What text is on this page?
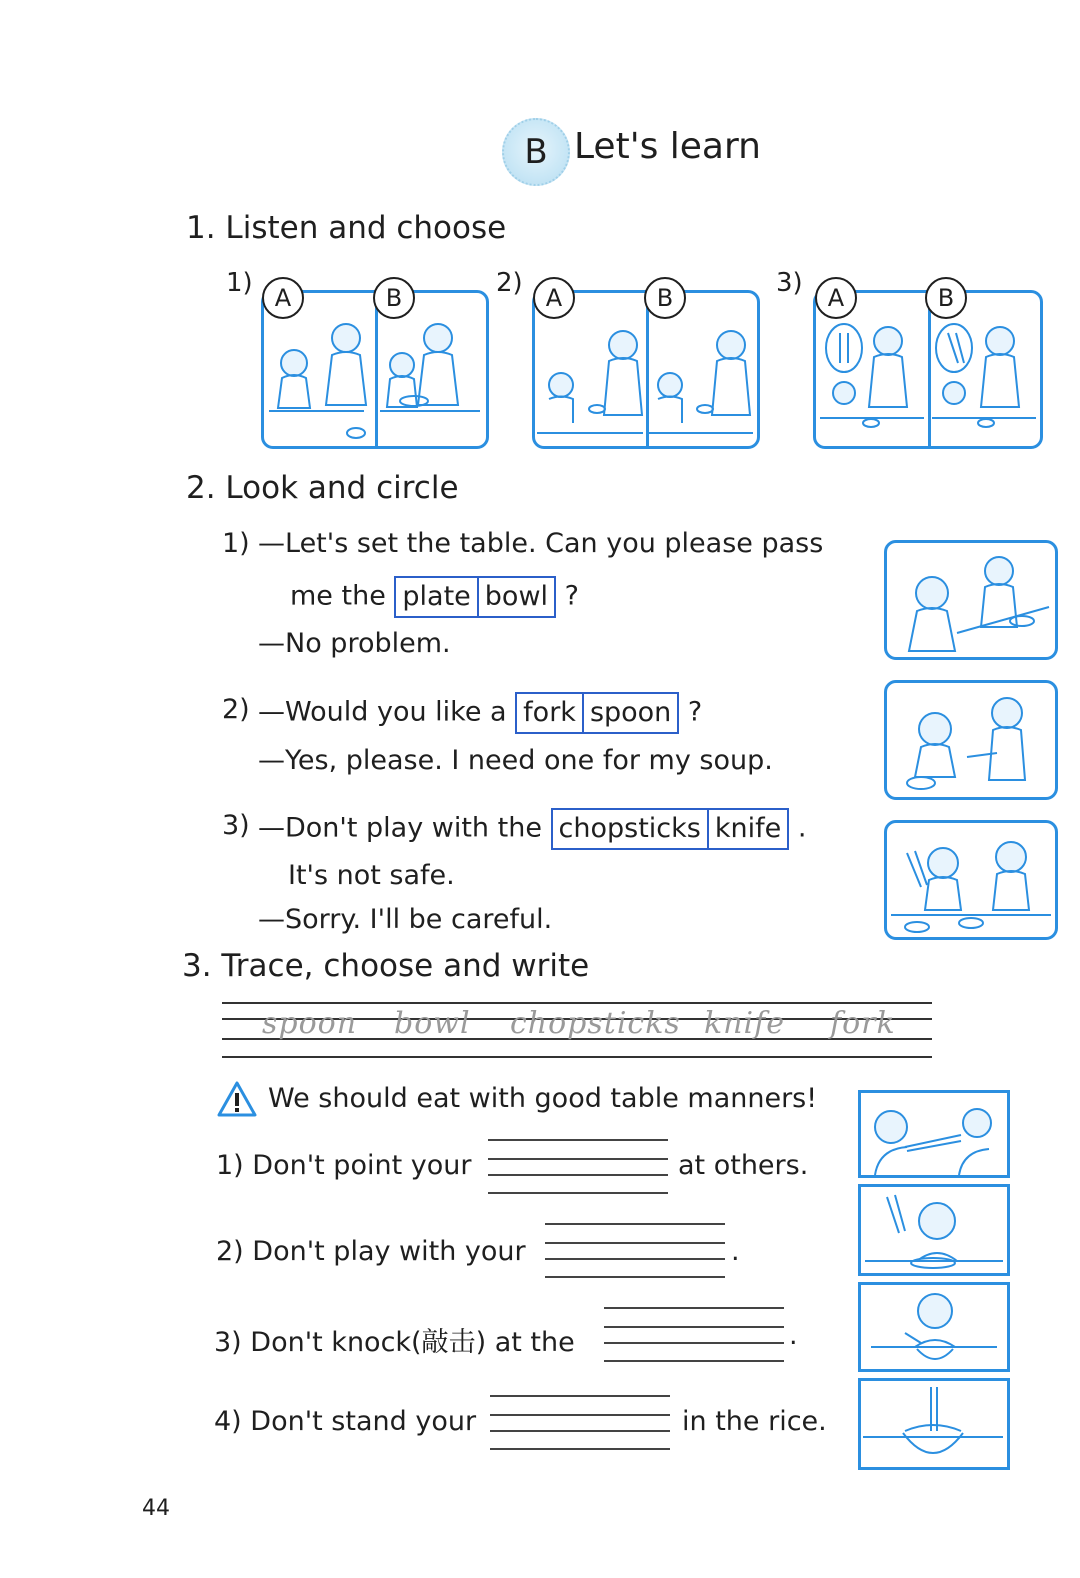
B Let's learn
1. Listen and choose
1) A	B	2) A	B	3)	A	B
2. Look and circle
1) —Let's set the table. Can you please pass
me the plate bowl ?
—No problem.
2) —Would you like a fork spoon ?
—Yes, please. I need one for my soup.
3) —Don't play with the chopsticks knife .
It's not safe.
—Sorry. I'll be careful.
3. Trace, choose and write
spoon bowl chopsticks knife fork
We should eat with good table manners!
1) Don't point your	at others.
2) Don't play with your	.
3) Don't knock(敲击) at the	.
4) Don't stand your	in the rice.
44
